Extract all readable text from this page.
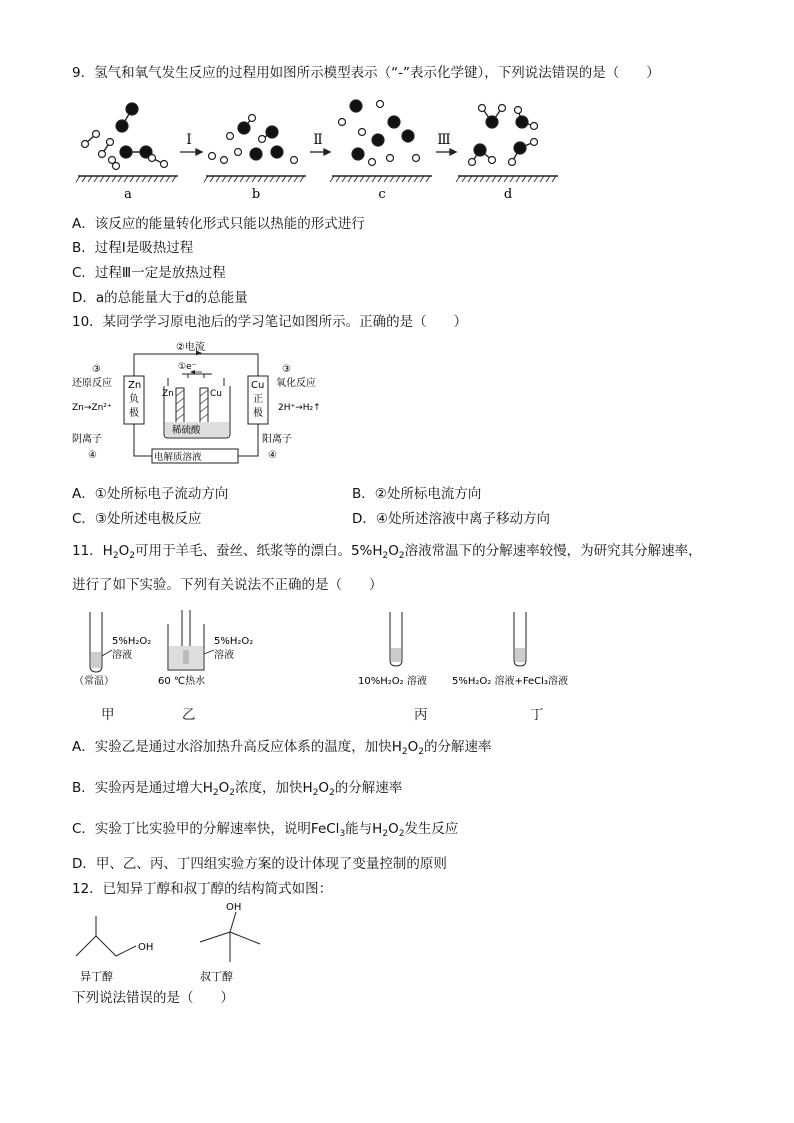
9．氢气和氧气发生反应的过程用如图所示模型表示（“-”表示化学键），下列说法错误的是（　　）
Ⅰ	Ⅱ	Ⅲ
a	b	c	d
A．该反应的能量转化形式只能以热能的形式进行
B．过程Ⅰ是吸热过程
C．过程Ⅲ一定是放热过程
D．a的总能量大于d的总能量
10．某同学学习原电池后的学习笔记如图所示。正确的是（　　）
②电流
①e⁻
③
还原反应
Zn→Zn²⁺
Zn
负
极
Cu
正
极
③
氧化反应
2H⁺→H₂↑
Zn	Cu
稀硫酸
阴离子
④
阳离子
④
电解质溶液
A．①处所标电子流动方向	B．②处所标电流方向
C．③处所述电极反应	D．④处所述溶液中离子移动方向
11．$H_2O_2$可用于羊毛、蚕丝、纸浆等的漂白。$5\%H_2O_2$溶液常温下的分解速率较慢，为研究其分解速率，
进行了如下实验。下列有关说法不正确的是（　　）
5%H₂O₂
溶液
（常温）
5%H₂O₂
溶液
60 ℃热水	10%H₂O₂ 溶液	5%H₂O₂ 溶液+FeCl₃溶液
甲	乙	丙	丁
A．实验乙是通过水浴加热升高反应体系的温度，加快$H_2O_2$的分解速率
B．实验丙是通过增大$H_2O_2$浓度，加快$H_2O_2$的分解速率
C．实验丁比实验甲的分解速率快，说明FeCl$_3$能与$H_2O_2$发生反应
D．甲、乙、丙、丁四组实验方案的设计体现了变量控制的原则
12．已知异丁醇和叔丁醇的结构简式如图：
OH
异丁醇
OH
叔丁醇
下列说法错误的是（　　）
